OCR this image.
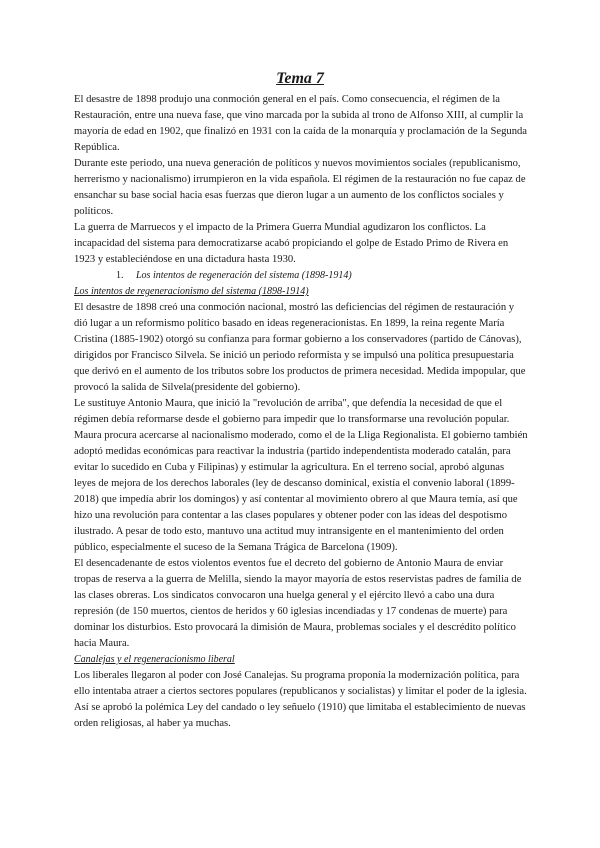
Tema 7

El desastre de 1898 produjo una conmoción general en el país. Como consecuencia, el régimen de la Restauración, entre una nueva fase, que vino marcada por la subida al trono de Alfonso XIII, al cumplir la mayoría de edad en 1902, que finalizó en 1931 con la caída de la monarquía y proclamación de la Segunda República.

Durante este periodo, una nueva generación de políticos y nuevos movimientos sociales (republicanismo, herrerismo y nacionalismo) irrumpieron en la vida española. El régimen de la restauración no fue capaz de ensanchar su base social hacia esas fuerzas que dieron lugar a un aumento de los conflictos sociales y políticos.

La guerra de Marruecos y el impacto de la Primera Guerra Mundial agudizaron los conflictos. La incapacidad del sistema para democratizarse acabó propiciando el golpe de Estado Primo de Rivera en 1923 y estableciéndose en una dictadura hasta 1930.

1. Los intentos de regeneración del sistema (1898-1914)

Los intentos de regeneracionismo del sistema (1898-1914)

El desastre de 1898 creó una conmoción nacional, mostró las deficiencias del régimen de restauración y dió lugar a un reformismo político basado en ideas regeneracionistas. En 1899, la reina regente María Cristina (1885-1902) otorgó su confianza para formar gobierno a los conservadores (partido de Cánovas), dirigidos por Francisco Silvela. Se inició un periodo reformista y se impulsó una política presupuestaria que derivó en el aumento de los tributos sobre los productos de primera necesidad. Medida impopular, que provocó la salida de Silvela(presidente del gobierno).

Le sustituye Antonio Maura, que inició la "revolución de arriba", que defendía la necesidad de que el régimen debía reformarse desde el gobierno para impedir que lo transformarse una revolución popular. Maura procura acercarse al nacionalismo moderado, como el de la Lliga Regionalista. El gobierno también adoptó medidas económicas para reactivar la industria (partido independentista moderado catalán, para evitar lo sucedido en Cuba y Filipinas) y estimular la agricultura. En el terreno social, aprobó algunas leyes de mejora de los derechos laborales (ley de descanso dominical, existía el convenio laboral (1899-2018) que impedía abrir los domingos) y así contentar al movimiento obrero al que Maura temía, así que hizo una revolución para contentar a las clases populares y obtener poder con las ideas del despotismo ilustrado. A pesar de todo esto, mantuvo una actitud muy intransigente en el mantenimiento del orden público, especialmente el suceso de la Semana Trágica de Barcelona (1909).

El desencadenante de estos violentos eventos fue el decreto del gobierno de Antonio Maura de enviar tropas de reserva a la guerra de Melilla, siendo la mayor mayoría de estos reservistas padres de familia de las clases obreras. Los sindicatos convocaron una huelga general y el ejército llevó a cabo una dura represión (de 150 muertos, cientos de heridos y 60 iglesias incendiadas y 17 condenas de muerte) para dominar los disturbios. Esto provocará la dimisión de Maura, problemas sociales y el descrédito político hacia Maura.

Canalejas y el regeneracionismo liberal

Los liberales llegaron al poder con José Canalejas. Su programa proponía la modernización política, para ello intentaba atraer a ciertos sectores populares (republicanos y socialistas) y limitar el poder de la iglesia. Así se aprobó la polémica Ley del candado o ley señuelo (1910) que limitaba el establecimiento de nuevas orden religiosas, al haber ya muchas.
